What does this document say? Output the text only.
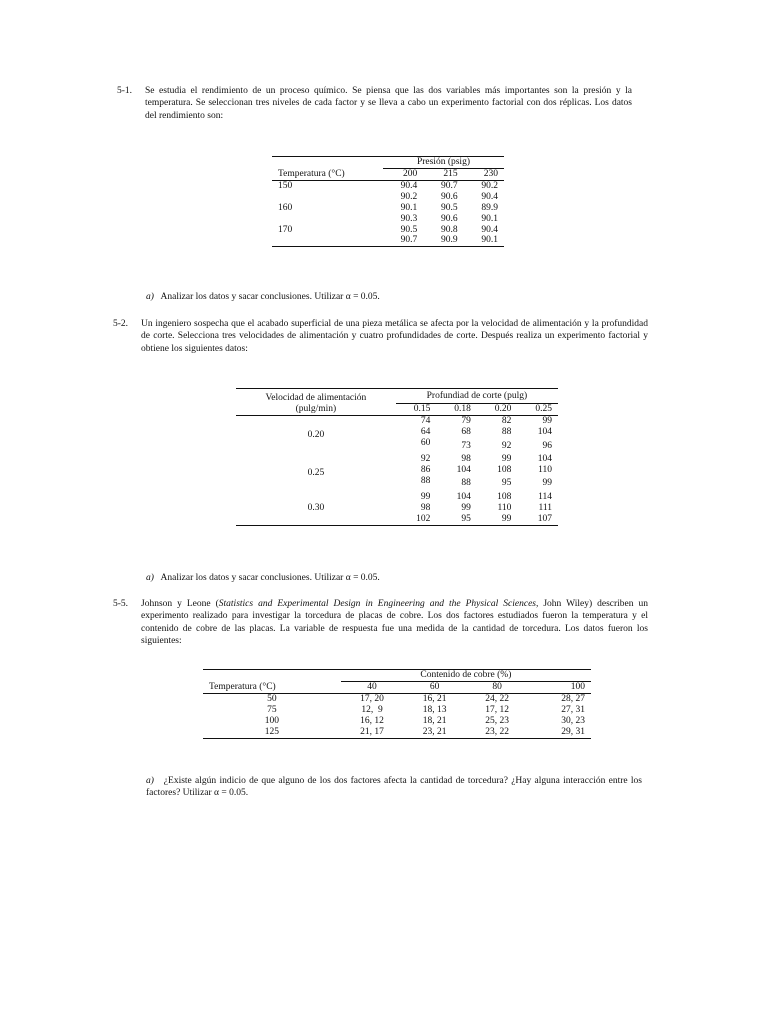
5-1. Se estudia el rendimiento de un proceso químico. Se piensa que las dos variables más importantes son la presión y la temperatura. Se seleccionan tres niveles de cada factor y se lleva a cabo un experimento factorial con dos réplicas. Los datos del rendimiento son:
	Presión (psig)		
Temperatura (°C)	200	215	230
150	90.4	90.7	90.2
	90.2	90.6	90.4
160	90.1	90.5	89.9
	90.3	90.6	90.1
170	90.5	90.8	90.4
	90.7	90.9	90.1
a) Analizar los datos y sacar conclusiones. Utilizar α = 0.05.
5-2. Un ingeniero sospecha que el acabado superficial de una pieza metálica se afecta por la velocidad de alimentación y la profundidad de corte. Selecciona tres velocidades de alimentación y cuatro profundidades de corte. Después realiza un experimento factorial y obtiene los siguientes datos:
Velocidad de alimentación	Profundiad de corte (pulg)			
(pulg/min)	0.15	0.18	0.20	0.25
0.20	74	79	82	99
	64	68	88	104
	60	73	92	96
0.25	92	98	99	104
	86	104	108	110
	88	88	95	99
0.30	99	104	108	114
	98	99	110	111
	102	95	99	107
a) Analizar los datos y sacar conclusiones. Utilizar α = 0.05.
5-5. Johnson y Leone (Statistics and Experimental Design in Engineering and the Physical Sciences, John Wiley) describen un experimento realizado para investigar la torcedura de placas de cobre. Los dos factores estudiados fueron la temperatura y el contenido de cobre de las placas. La variable de respuesta fue una medida de la cantidad de torcedura. Los datos fueron los siguientes:
	Contenido de cobre (%)			
Temperatura (°C)	40	60	80	100
50	17, 20	16, 21	24, 22	28, 27
75	12,  9	18, 13	17, 12	27, 31
100	16, 12	18, 21	25, 23	30, 23
125	21, 17	23, 21	23, 22	29, 31
a) ¿Existe algún indicio de que alguno de los dos factores afecta la cantidad de torcedura? ¿Hay alguna interacción entre los factores? Utilizar α = 0.05.
